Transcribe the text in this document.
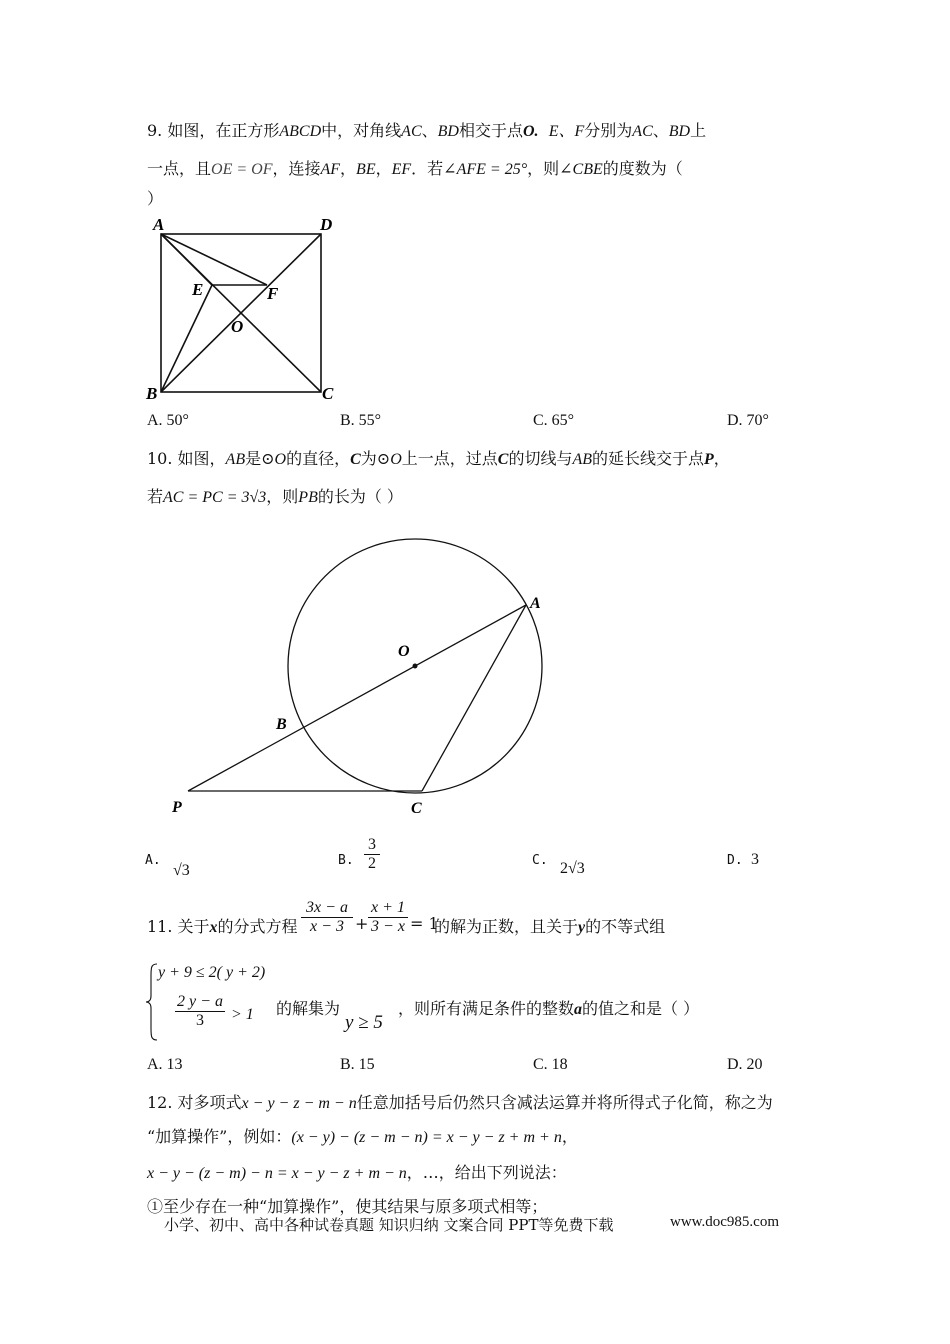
9. 如图，在正方形ABCD中，对角线AC、BD相交于点O. E、F分别为AC、BD上
一点，且OE = OF，连接AF，BE，EF．若∠AFE = 25°，则∠CBE的度数为（
）
A	D
E	F
O
B	C
A. 50°	B. 55°	C. 65°	D. 70°
10. 如图，AB是⊙O的直径，C为⊙O上一点，过点C的切线与AB的延长线交于点P，
若AC = PC = 3√3，则PB的长为（ ）
O
A
B
P	C
A.
√3
B. $\frac{3}{2}$	C. 2√3	D. 3
11. 关于x的分式方程 $\frac{3x - a}{x - 3} + \frac{x + 1}{3 - x} = 1$
的解为正数，且关于y的不等式组
y + 9 ≤ 2( y + 2)
$\frac{2 y - a}{3} > 1$ 的解集为
y ≥ 5
，则所有满足条件的整数a的值之和是（ ）
A. 13	B. 15	C. 18	D. 20
12. 对多项式x − y − z − m − n任意加括号后仍然只含减法运算并将所得式子化简，称之为
“加算操作”，例如：(x − y) − (z − m − n) = x − y − z + m + n，
x − y − (z − m) − n = x − y − z + m − n，…，给出下列说法：
①至少存在一种“加算操作”，使其结果与原多项式相等；
小学、初中、高中各种试卷真题 知识归纳 文案合同 PPT等免费下载	www.doc985.com
